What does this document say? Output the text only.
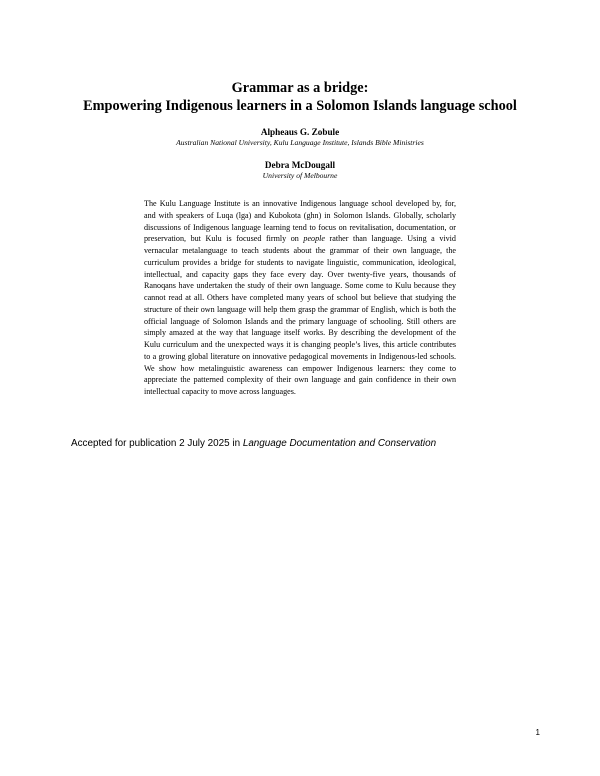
Grammar as a bridge:
Empowering Indigenous learners in a Solomon Islands language school
Alpheaus G. Zobule
Australian National University, Kulu Language Institute, Islands Bible Ministries
Debra McDougall
University of Melbourne

The Kulu Language Institute is an innovative Indigenous language school developed by, for, and with speakers of Luqa (lga) and Kubokota (ghn) in Solomon Islands. Globally, scholarly discussions of Indigenous language learning tend to focus on revitalisation, documentation, or preservation, but Kulu is focused firmly on people rather than language. Using a vivid vernacular metalanguage to teach students about the grammar of their own language, the curriculum provides a bridge for students to navigate linguistic, communication, ideological, intellectual, and capacity gaps they face every day. Over twenty-five years, thousands of Ranoqans have undertaken the study of their own language. Some come to Kulu because they cannot read at all. Others have completed many years of school but believe that studying the structure of their own language will help them grasp the grammar of English, which is both the official language of Solomon Islands and the primary language of schooling. Still others are simply amazed at the way that language itself works. By describing the development of the Kulu curriculum and the unexpected ways it is changing people’s lives, this article contributes to a growing global literature on innovative pedagogical movements in Indigenous-led schools. We show how metalinguistic awareness can empower Indigenous learners: they come to appreciate the patterned complexity of their own language and gain confidence in their own intellectual capacity to move across languages.

Accepted for publication 2 July 2025 in Language Documentation and Conservation
1
